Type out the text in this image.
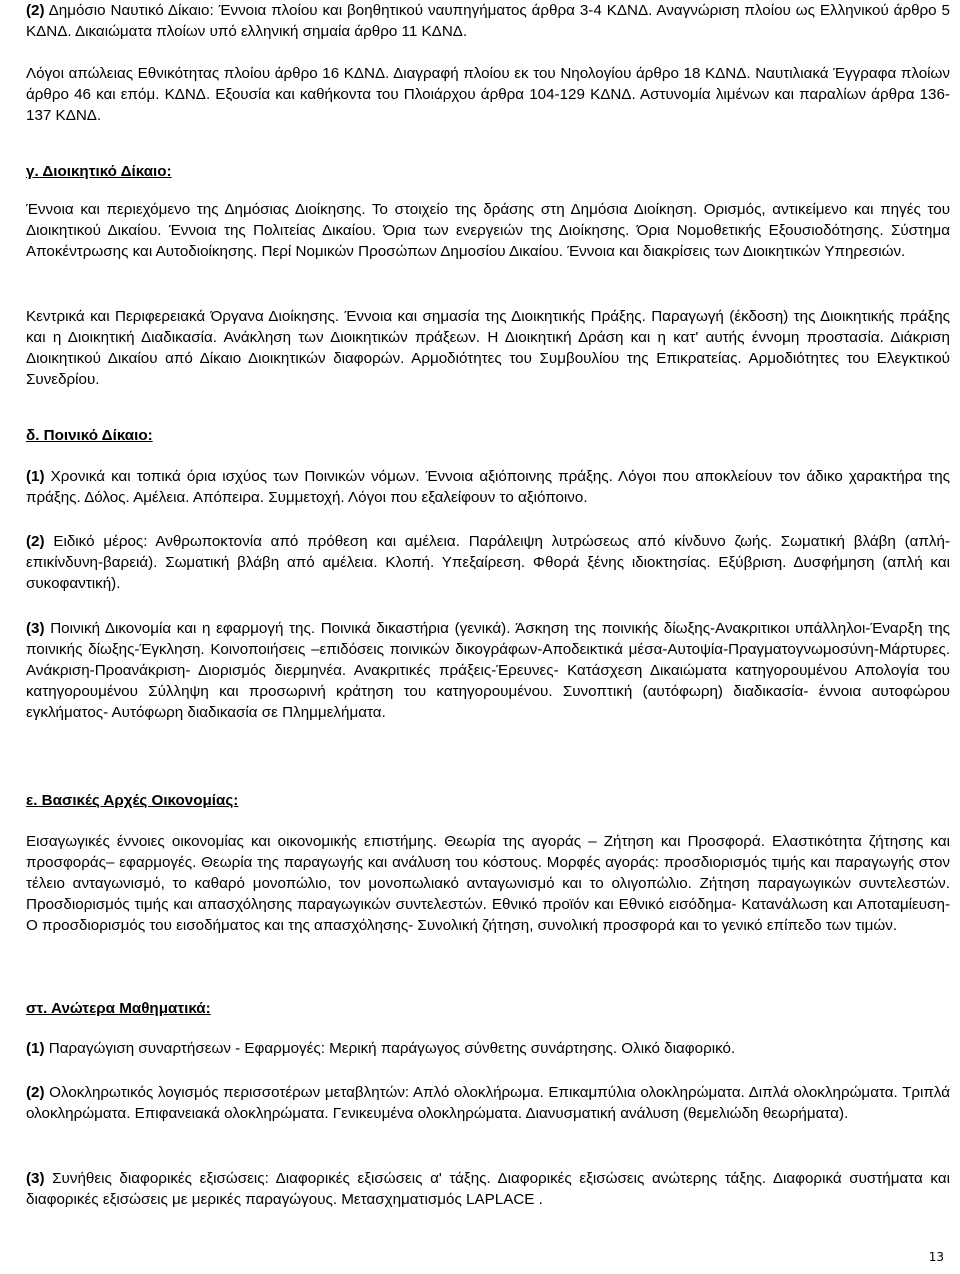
(2) Δημόσιο Ναυτικό Δίκαιο: Έννοια πλοίου και βοηθητικού ναυπηγήματος άρθρα 3-4 ΚΔΝΔ. Αναγνώριση πλοίου ως Ελληνικού άρθρο 5 ΚΔΝΔ. Δικαιώματα πλοίων υπό ελληνική σημαία άρθρο 11 ΚΔΝΔ.

Λόγοι απώλειας Εθνικότητας πλοίου άρθρο 16 ΚΔΝΔ. Διαγραφή πλοίου εκ του Νηολογίου άρθρο 18 ΚΔΝΔ. Ναυτιλιακά Έγγραφα πλοίων άρθρο 46 και επόμ. ΚΔΝΔ. Εξουσία και καθήκοντα του Πλοιάρχου άρθρα 104-129 ΚΔΝΔ. Αστυνομία λιμένων και παραλίων άρθρα 136-137 ΚΔΝΔ.

γ. Διοικητικό Δίκαιο:

Έννοια και περιεχόμενο της Δημόσιας Διοίκησης. Το στοιχείο της δράσης στη Δημόσια Διοίκηση. Ορισμός, αντικείμενο και πηγές του Διοικητικού Δικαίου. Έννοια της Πολιτείας Δικαίου. Όρια των ενεργειών της Διοίκησης. Όρια Νομοθετικής Εξουσιοδότησης. Σύστημα Αποκέντρωσης και Αυτοδιοίκησης. Περί Νομικών Προσώπων Δημοσίου Δικαίου. Έννοια και διακρίσεις των Διοικητικών Υπηρεσιών.

Κεντρικά και Περιφερειακά Όργανα Διοίκησης. Έννοια και σημασία της Διοικητικής Πράξης. Παραγωγή (έκδοση) της Διοικητικής πράξης και η Διοικητική Διαδικασία. Ανάκληση των Διοικητικών πράξεων. Η Διοικητική Δράση και η κατ' αυτής έννομη προστασία. Διάκριση Διοικητικού Δικαίου από Δίκαιο Διοικητικών διαφορών. Αρμοδιότητες του Συμβουλίου της Επικρατείας. Αρμοδιότητες του Ελεγκτικού Συνεδρίου.

δ. Ποινικό Δίκαιο:

(1) Χρονικά και τοπικά όρια ισχύος των Ποινικών νόμων. Έννοια αξιόποινης πράξης. Λόγοι που αποκλείουν τον άδικο χαρακτήρα της πράξης. Δόλος. Αμέλεια. Απόπειρα. Συμμετοχή. Λόγοι που εξαλείφουν το αξιόποινο.

(2) Ειδικό μέρος: Ανθρωποκτονία από πρόθεση και αμέλεια. Παράλειψη λυτρώσεως από κίνδυνο ζωής. Σωματική βλάβη (απλή-επικίνδυνη-βαρειά). Σωματική βλάβη από αμέλεια. Κλοπή. Υπεξαίρεση. Φθορά ξένης ιδιοκτησίας. Εξύβριση. Δυσφήμηση (απλή και συκοφαντική).

(3) Ποινική Δικονομία και η εφαρμογή της. Ποινικά δικαστήρια (γενικά). Άσκηση της ποινικής δίωξης-Ανακριτικοι υπάλληλοι-Έναρξη της ποινικής δίωξης-Έγκληση. Κοινοποιήσεις –επιδόσεις ποινικών δικογράφων-Αποδεικτικά μέσα-Αυτοψία-Πραγματογνωμοσύνη-Μάρτυρες. Ανάκριση-Προανάκριση- Διορισμός διερμηνέα. Ανακριτικές πράξεις-Έρευνες- Κατάσχεση Δικαιώματα κατηγορουμένου Απολογία του κατηγορουμένου Σύλληψη και προσωρινή κράτηση του κατηγορουμένου. Συνοπτική (αυτόφωρη) διαδικασία- έννοια αυτοφώρου εγκλήματος- Αυτόφωρη διαδικασία σε Πλημμελήματα.

ε. Βασικές Αρχές Οικονομίας:

Εισαγωγικές έννοιες οικονομίας και οικονομικής επιστήμης. Θεωρία της αγοράς – Ζήτηση και Προσφορά. Ελαστικότητα ζήτησης και προσφοράς– εφαρμογές. Θεωρία της παραγωγής και ανάλυση του κόστους. Μορφές αγοράς: προσδιορισμός τιμής και παραγωγής στον τέλειο ανταγωνισμό, το καθαρό μονοπώλιο, τον μονοπωλιακό ανταγωνισμό και το ολιγοπώλιο. Ζήτηση παραγωγικών συντελεστών. Προσδιορισμός τιμής και απασχόλησης παραγωγικών συντελεστών. Εθνικό προϊόν και Εθνικό εισόδημα- Κατανάλωση και Αποταμίευση- Ο προσδιορισμός του εισοδήματος και της απασχόλησης- Συνολική ζήτηση, συνολική προσφορά και το γενικό επίπεδο των τιμών.

στ. Ανώτερα Μαθηματικά:

(1) Παραγώγιση συναρτήσεων - Εφαρμογές: Μερική παράγωγος σύνθετης συνάρτησης. Ολικό διαφορικό.

(2) Ολοκληρωτικός λογισμός περισσοτέρων μεταβλητών: Απλό ολοκλήρωμα. Επικαμπύλια ολοκληρώματα. Διπλά ολοκληρώματα. Τριπλά ολοκληρώματα. Επιφανειακά ολοκληρώματα. Γενικευμένα ολοκληρώματα. Διανυσματική ανάλυση (θεμελιώδη θεωρήματα).

(3) Συνήθεις διαφορικές εξισώσεις: Διαφορικές εξισώσεις α' τάξης. Διαφορικές εξισώσεις ανώτερης τάξης. Διαφορικά συστήματα και διαφορικές εξισώσεις με μερικές παραγώγους. Μετασχηματισμός LAPLACE .

13
